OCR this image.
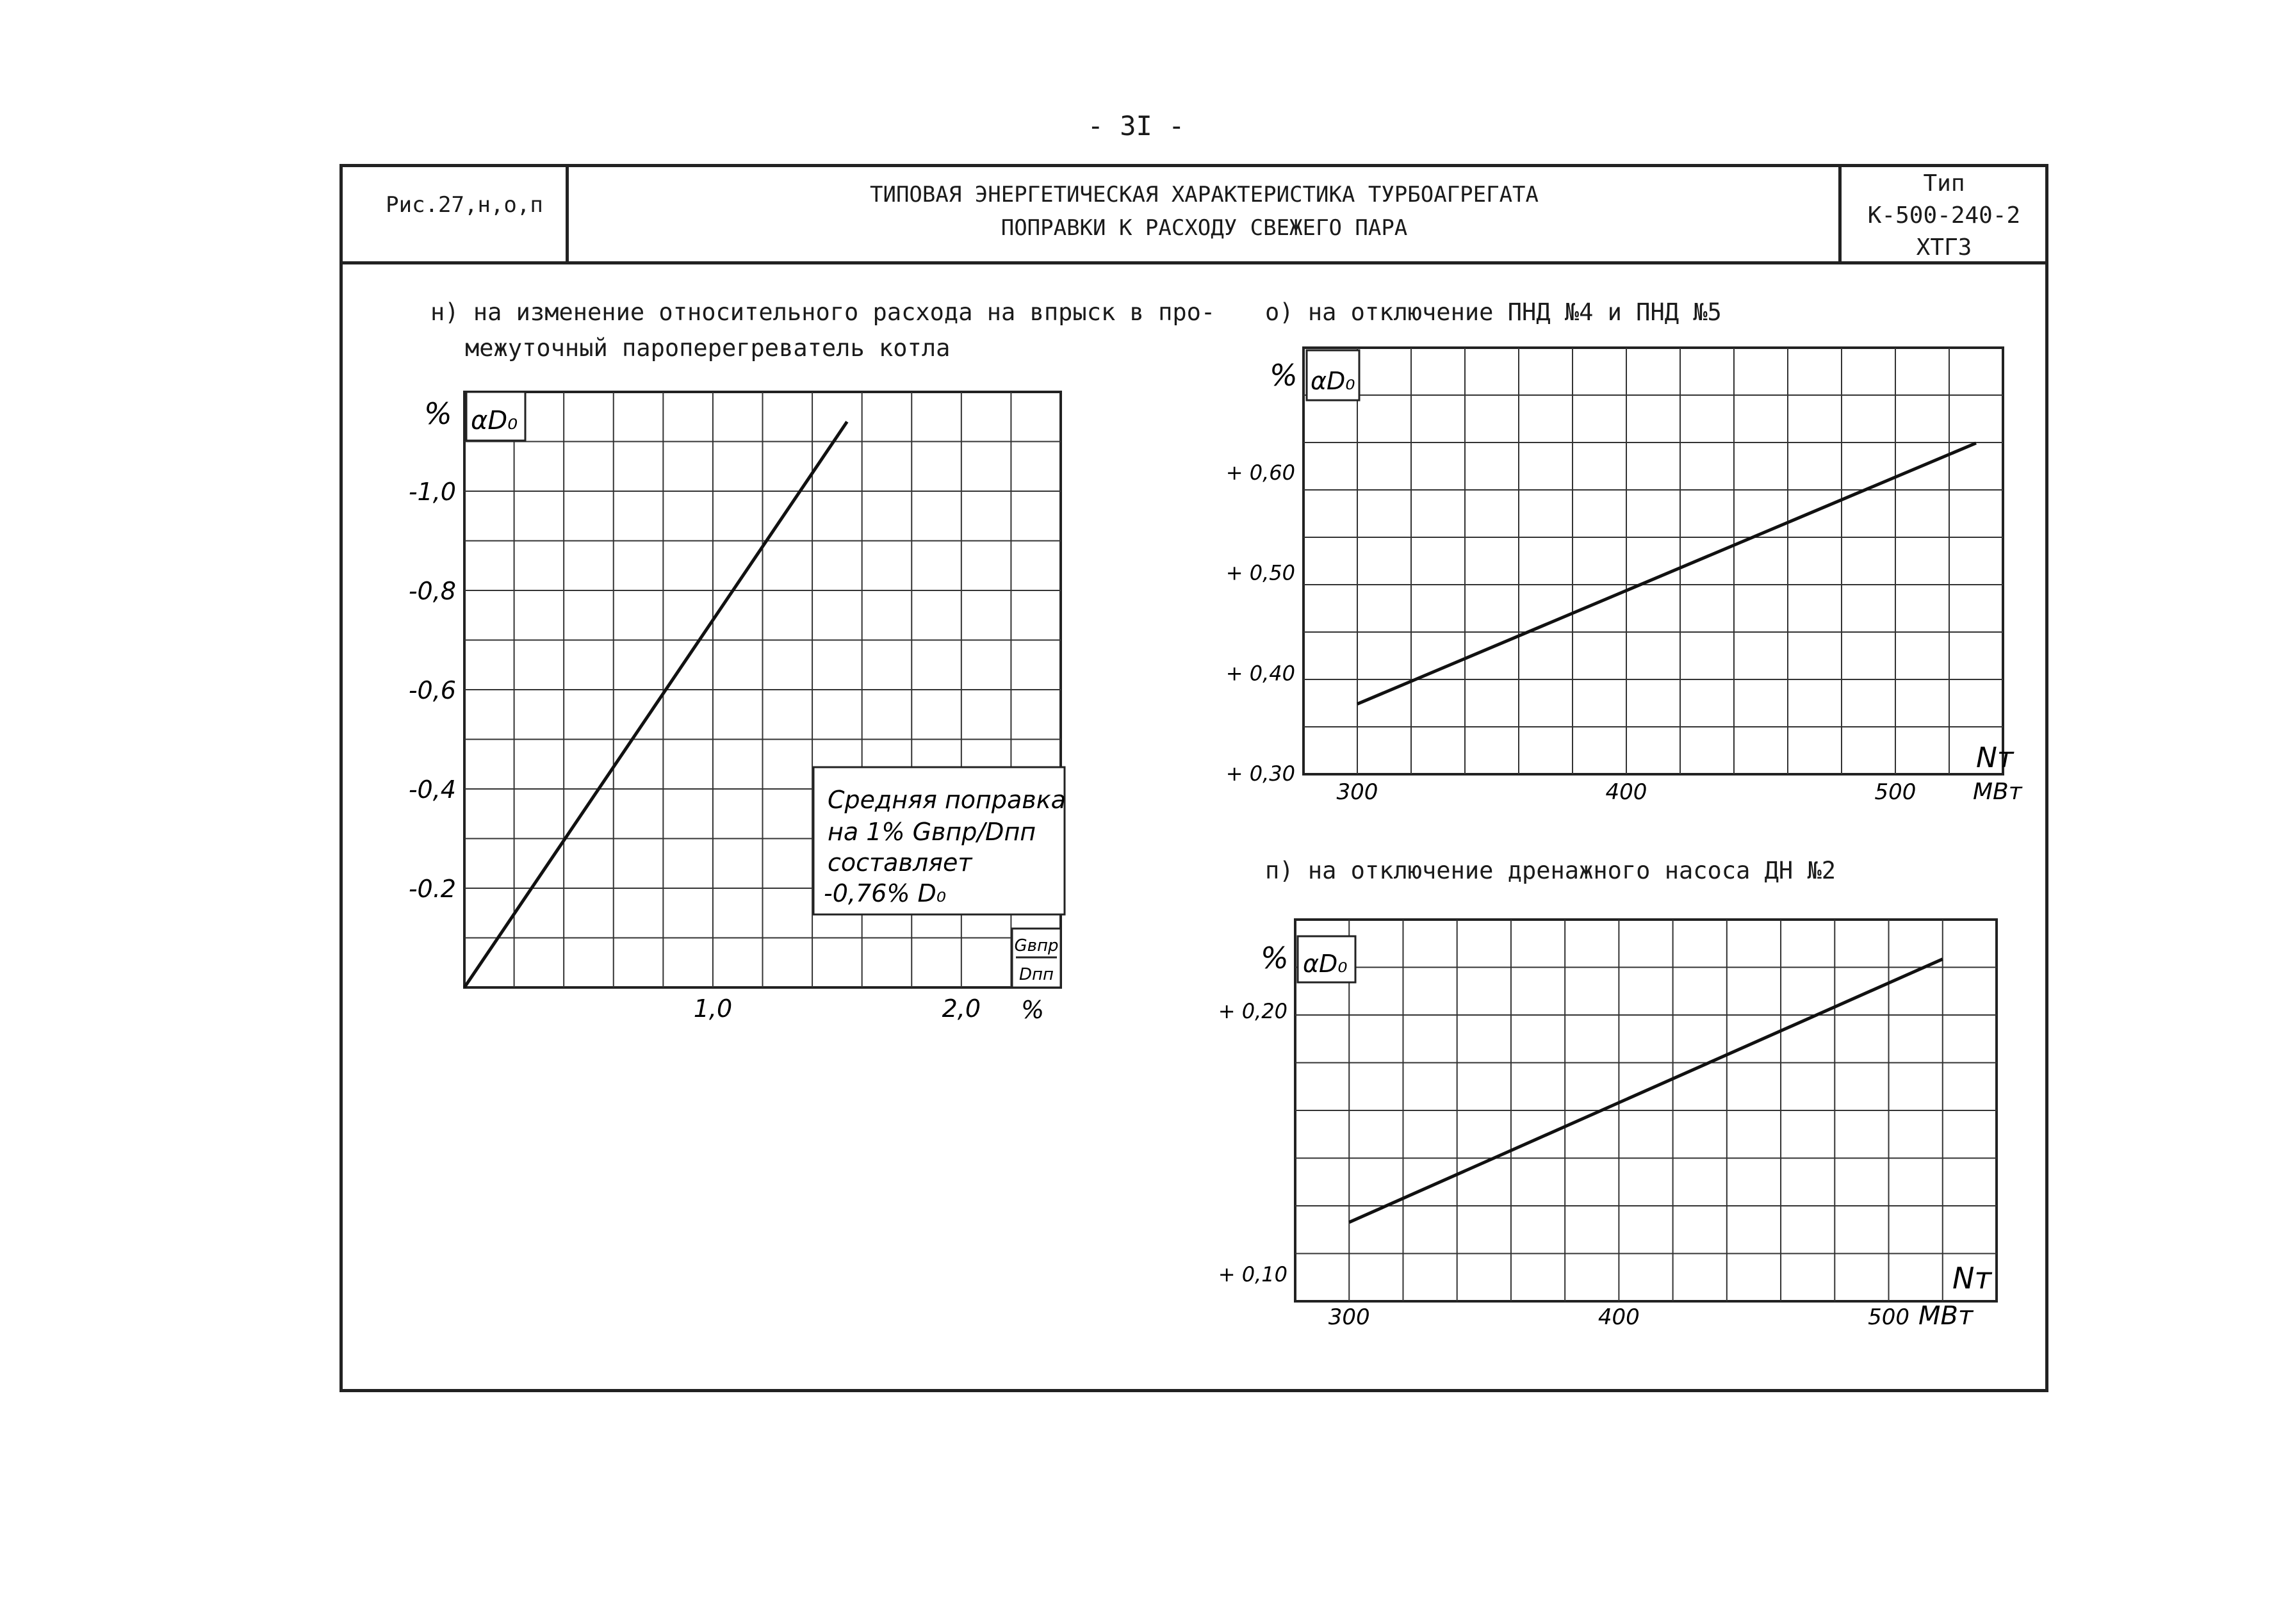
- 3I -
Рис.27,н,о,п	ТИПОВАЯ ЭНЕРГЕТИЧЕСКАЯ ХАРАКТЕРИСТИКА ТУРБОАГРЕГАТА
ПОПРАВКИ К РАСХОДУ СВЕЖЕГО ПАРА
Тип
К-500-240-2
ХТГЗ
н) на изменение относительного расхода на впрыск в про-
межуточный пароперегреватель котла
о) на отключение ПНД №4 и ПНД №5
п) на отключение дренажного насоса ДН №2
% αD₀
-1,0
-0,8
-0,6
-0,4
-0.2
1,0	2,0 %
Gвпр
Dпп
Средняя поправка
на 1% Gвпр/Dпп
составляет
-0,76% D₀
% αD₀
+ 0,30
+ 0,40
+ 0,50
+ 0,60
300	400	500
Nт
МВт
% αD₀
+ 0,10
+ 0,20
300	400	500
Nт
МВт
